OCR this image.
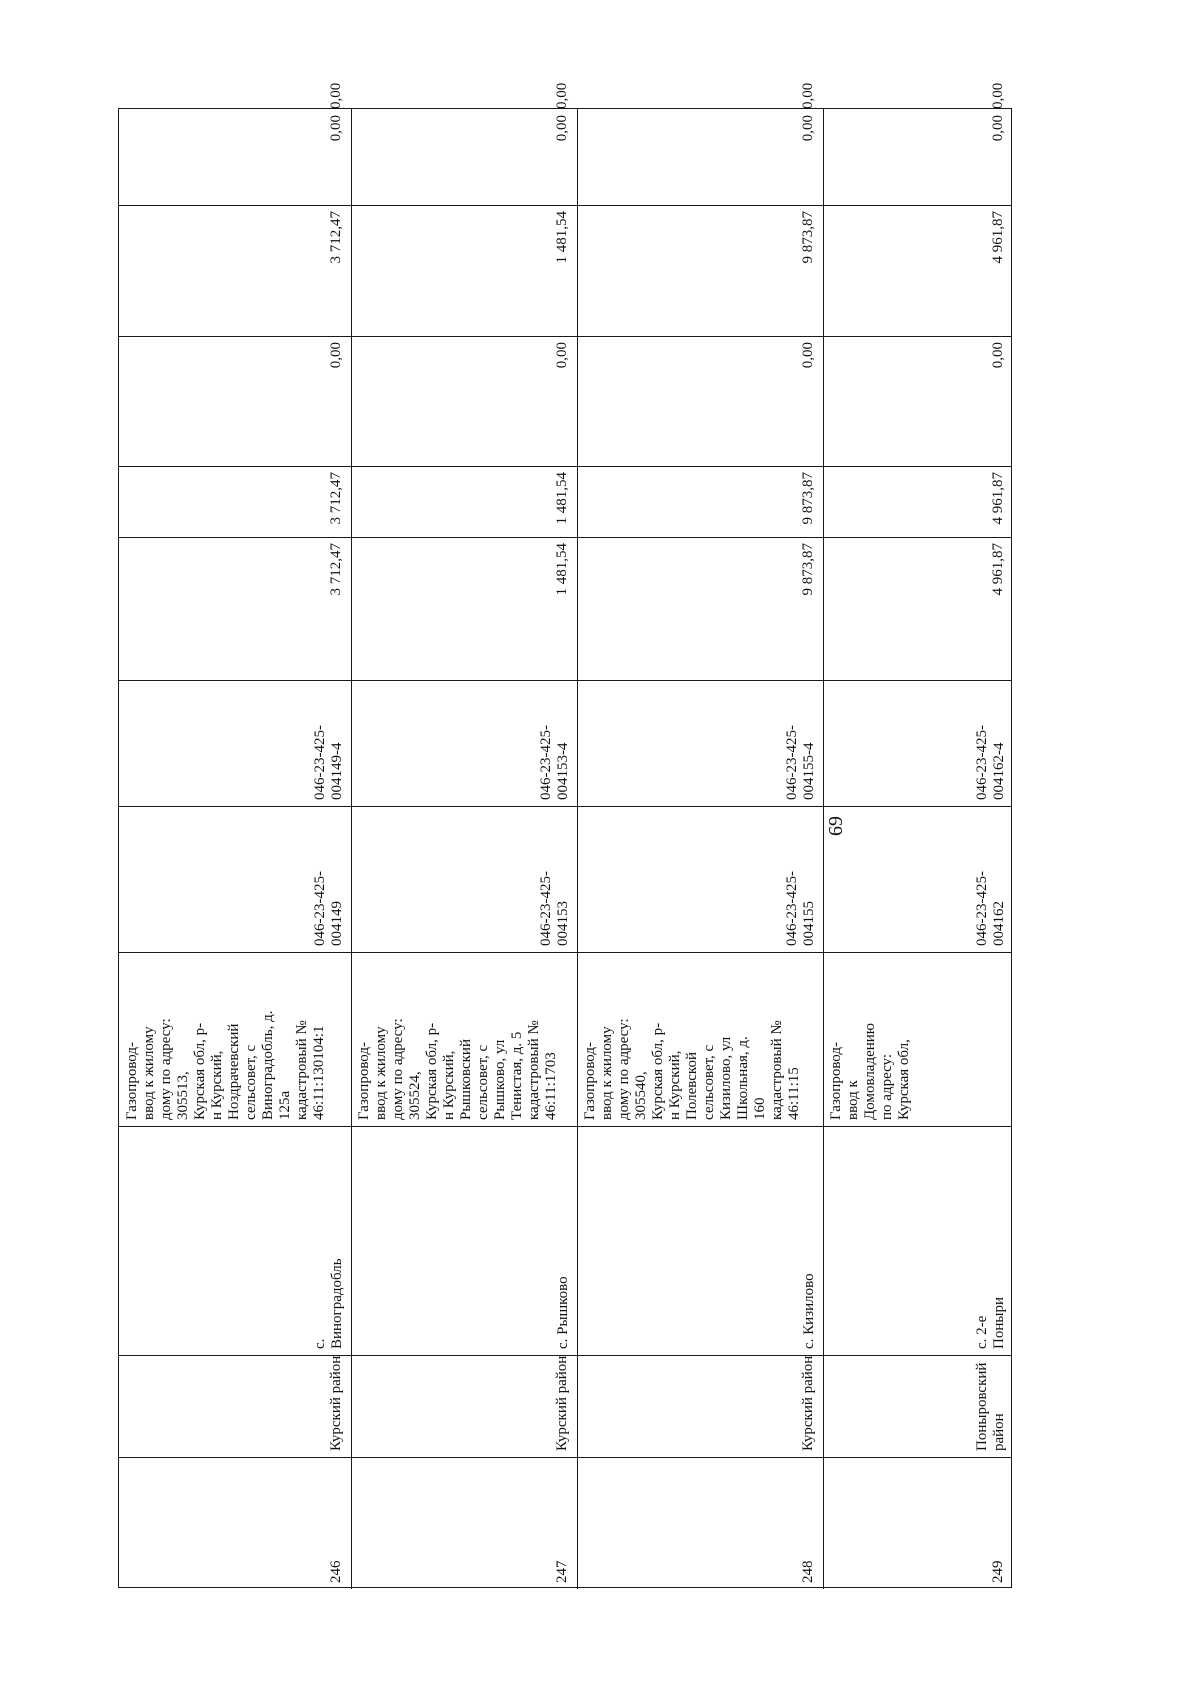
69
246
Курский район
с. Виноградобль
Газопровод- ввод к жилому дому по адресу: 305513, Курская обл, р- н Курский, Ноздрачевский сельсовет, с Виноградобль, д. 125а кадастровый № 46:11:130104:1
046-23-425- 004149
046-23-425- 004149-4
3 712,47
3 712,47
0,00
3 712,47
0,00
0,00
247
Курский район
с. Рышково
Газопровод- ввод к жилому дому по адресу: 305524, Курская обл, р- н Курский, Рышковский сельсовет, с Рышково, ул Тенистая, д. 5 кадастровый № 46:11:1703
046-23-425- 004153
046-23-425- 004153-4
1 481,54
1 481,54
0,00
1 481,54
0,00
0,00
248
Курский район
с. Кизилово
Газопровод- ввод к жилому дому по адресу: 305540, Курская обл, р- н Курский, Полевской сельсовет, с Кизилово, ул Школьная, д. 160 кадастровый № 46:11:15
046-23-425- 004155
046-23-425- 004155-4
9 873,87
9 873,87
0,00
9 873,87
0,00
0,00
249
Поныровский район
с. 2-е Поныри
Газопровод- ввод к Домовладению по адресу: Курская обл,
046-23-425- 004162
046-23-425- 004162-4
4 961,87
4 961,87
0,00
4 961,87
0,00
0,00
